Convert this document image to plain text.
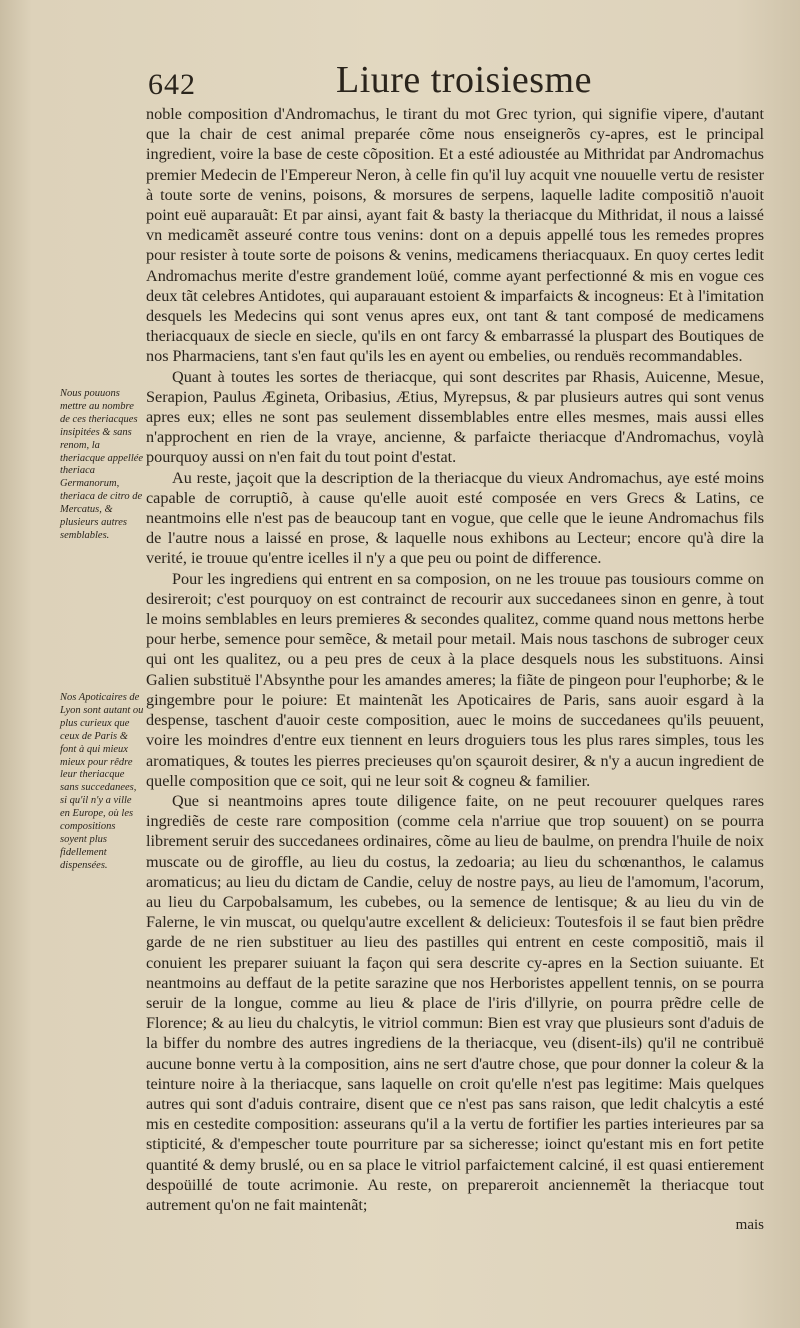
642	Liure troisiesme
Nous pouuons mettre au nombre de ces theriacques insipitées & sans renom, la theriacque appellée theriaca Germanorum, theriaca de citro de Mercatus, & plusieurs autres semblables.
Nos Apoticaires de Lyon sont autant ou plus curieux que ceux de Paris & font à qui mieux mieux pour rêdre leur theriacque sans succedanees, si qu'il n'y a ville en Europe, où les compositions soyent plus fidellement dispensées.

noble composition d'Andromachus, le tirant du mot Grec tyrion, qui signifie vipere, d'autant que la chair de cest animal preparée cõme nous enseignerõs cy-apres, est le principal ingredient, voire la base de ceste cõposition. Et a esté adioustée au Mithridat par Andromachus premier Medecin de l'Empereur Neron, à celle fin qu'il luy acquit vne nouuelle vertu de resister à toute sorte de venins, poisons, & morsures de serpens, laquelle ladite compositiõ n'auoit point euë auparauãt: Et par ainsi, ayant fait & basty la theriacque du Mithridat, il nous a laissé vn medicamẽt asseuré contre tous venins: dont on a depuis appellé tous les remedes propres pour resister à toute sorte de poisons & venins, medicamens theriacquaux. En quoy certes ledit Andromachus merite d'estre grandement loüé, comme ayant perfectionné & mis en vogue ces deux tãt celebres Antidotes, qui auparauant estoient & imparfaicts & incogneus: Et à l'imitation desquels les Medecins qui sont venus apres eux, ont tant & tant composé de medicamens theriacquaux de siecle en siecle, qu'ils en ont farcy & embarrassé la pluspart des Boutiques de nos Pharmaciens, tant s'en faut qu'ils les en ayent ou embelies, ou renduës recommandables.

Quant à toutes les sortes de theriacque, qui sont descrites par Rhasis, Auicenne, Mesue, Serapion, Paulus Ægineta, Oribasius, Ætius, Myrepsus, & par plusieurs autres qui sont venus apres eux; elles ne sont pas seulement dissemblables entre elles mesmes, mais aussi elles n'approchent en rien de la vraye, ancienne, & parfaicte theriacque d'Andromachus, voylà pourquoy aussi on n'en fait du tout point d'estat.

Au reste, jaçoit que la description de la theriacque du vieux Andromachus, aye esté moins capable de corruptiõ, à cause qu'elle auoit esté composée en vers Grecs & Latins, ce neantmoins elle n'est pas de beaucoup tant en vogue, que celle que le ieune Andromachus fils de l'autre nous a laissé en prose, & laquelle nous exhibons au Lecteur; encore qu'à dire la verité, ie trouue qu'entre icelles il n'y a que peu ou point de difference.

Pour les ingrediens qui entrent en sa composion, on ne les trouue pas tousiours comme on desireroit; c'est pourquoy on est contrainct de recourir aux succedanees sinon en genre, à tout le moins semblables en leurs premieres & secondes qualitez, comme quand nous mettons herbe pour herbe, semence pour semẽce, & metail pour metail. Mais nous taschons de subroger ceux qui ont les qualitez, ou a peu pres de ceux à la place desquels nous les substituons. Ainsi Galien substituë l'Absynthe pour les amandes ameres; la fiãte de pingeon pour l'euphorbe; & le gingembre pour le poiure: Et maintenãt les Apoticaires de Paris, sans auoir esgard à la despense, taschent d'auoir ceste composition, auec le moins de succedanees qu'ils peuuent, voire les moindres d'entre eux tiennent en leurs droguiers tous les plus rares simples, tous les aromatiques, & toutes les pierres precieuses qu'on sçauroit desirer, & n'y a aucun ingredient de quelle composition que ce soit, qui ne leur soit & cogneu & familier.

Que si neantmoins apres toute diligence faite, on ne peut recouurer quelques rares ingrediẽs de ceste rare composition (comme cela n'arriue que trop souuent) on se pourra librement seruir des succedanees ordinaires, cõme au lieu de baulme, on prendra l'huile de noix muscate ou de giroffle, au lieu du costus, la zedoaria; au lieu du schœnanthos, le calamus aromaticus; au lieu du dictam de Candie, celuy de nostre pays, au lieu de l'amomum, l'acorum, au lieu du Carpobalsamum, les cubebes, ou la semence de lentisque; & au lieu du vin de Falerne, le vin muscat, ou quelqu'autre excellent & delicieux: Toutesfois il se faut bien prẽdre garde de ne rien substituer au lieu des pastilles qui entrent en ceste compositiõ, mais il conuient les preparer suiuant la façon qui sera descrite cy-apres en la Section suiuante. Et neantmoins au deffaut de la petite sarazine que nos Herboristes appellent tennis, on se pourra seruir de la longue, comme au lieu & place de l'iris d'illyrie, on pourra prẽdre celle de Florence; & au lieu du chalcytis, le vitriol commun: Bien est vray que plusieurs sont d'aduis de la biffer du nombre des autres ingrediens de la theriacque, veu (disent-ils) qu'il ne contribuë aucune bonne vertu à la composition, ains ne sert d'autre chose, que pour donner la coleur & la teinture noire à la theriacque, sans laquelle on croit qu'elle n'est pas legitime: Mais quelques autres qui sont d'aduis contraire, disent que ce n'est pas sans raison, que ledit chalcytis a esté mis en cestedite composition: asseurans qu'il a la vertu de fortifier les parties interieures par sa stipticité, & d'empescher toute pourriture par sa sicheresse; ioinct qu'estant mis en fort petite quantité & demy bruslé, ou en sa place le vitriol parfaictement calciné, il est quasi entierement despoüillé de toute acrimonie. Au reste, on prepareroit anciennemẽt la theriacque tout autrement qu'on ne fait maintenãt;

mais
